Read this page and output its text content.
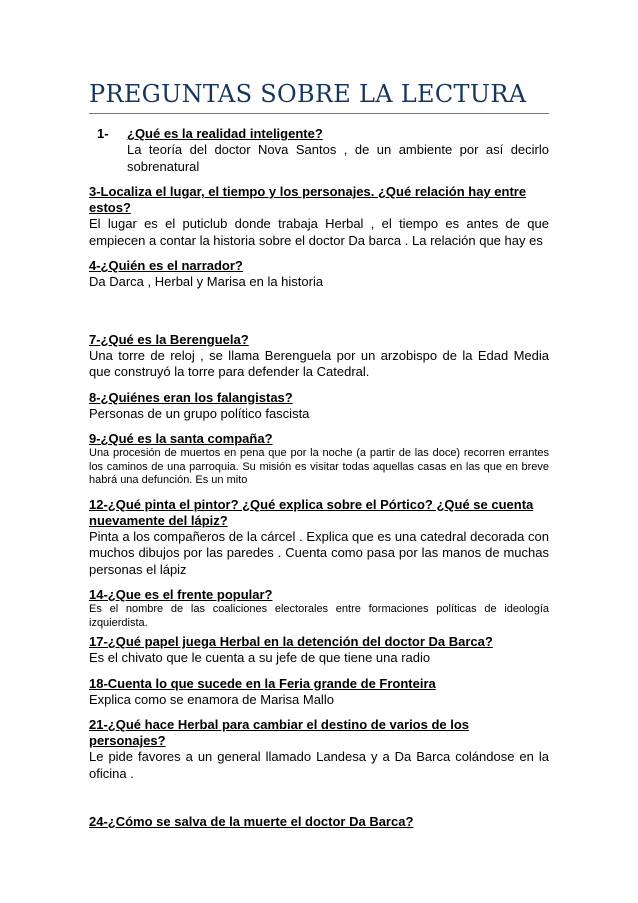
PREGUNTAS SOBRE LA LECTURA
1- ¿Qué es la realidad inteligente?

La teoría del doctor Nova Santos , de un ambiente por así decirlo sobrenatural

3-Localiza el lugar, el tiempo y los personajes. ¿Qué relación hay entre estos?

El lugar es el puticlub donde trabaja Herbal , el tiempo es antes de que empiecen a contar la historia sobre el doctor Da barca . La relación que hay es

4-¿Quién es el narrador?

Da Darca , Herbal y Marisa en la historia

7-¿Qué es la Berenguela?

Una torre de reloj , se llama Berenguela por un arzobispo de la Edad Media que construyó la torre para defender la Catedral.

8-¿Quiénes eran los falangistas?

Personas de un grupo político fascista

9-¿Qué es la santa compaña?

Una procesión de muertos en pena que por la noche (a partir de las doce) recorren errantes los caminos de una parroquia. Su misión es visitar todas aquellas casas en las que en breve habrá una defunción. Es un mito

12-¿Qué pinta el pintor? ¿Qué explica sobre el Pórtico? ¿Qué se cuenta nuevamente del lápiz?

Pinta a los compañeros de la cárcel . Explica que es una catedral decorada con muchos dibujos por las paredes . Cuenta como pasa por las manos de muchas personas el lápiz

14-¿Que es el frente popular?

Es el nombre de las coaliciones electorales entre formaciones políticas de ideología izquierdista.

17-¿Qué papel juega Herbal en la detención del doctor Da Barca?

Es el chivato que le cuenta a su jefe de que tiene una radio

18-Cuenta lo que sucede en la Feria grande de Fronteira

Explica como se enamora de Marisa Mallo

21-¿Qué hace Herbal para cambiar el destino de varios de los personajes?

Le pide favores a un general llamado Landesa y a Da Barca colándose en la oficina .

24-¿Cómo se salva de la muerte el doctor Da Barca?
